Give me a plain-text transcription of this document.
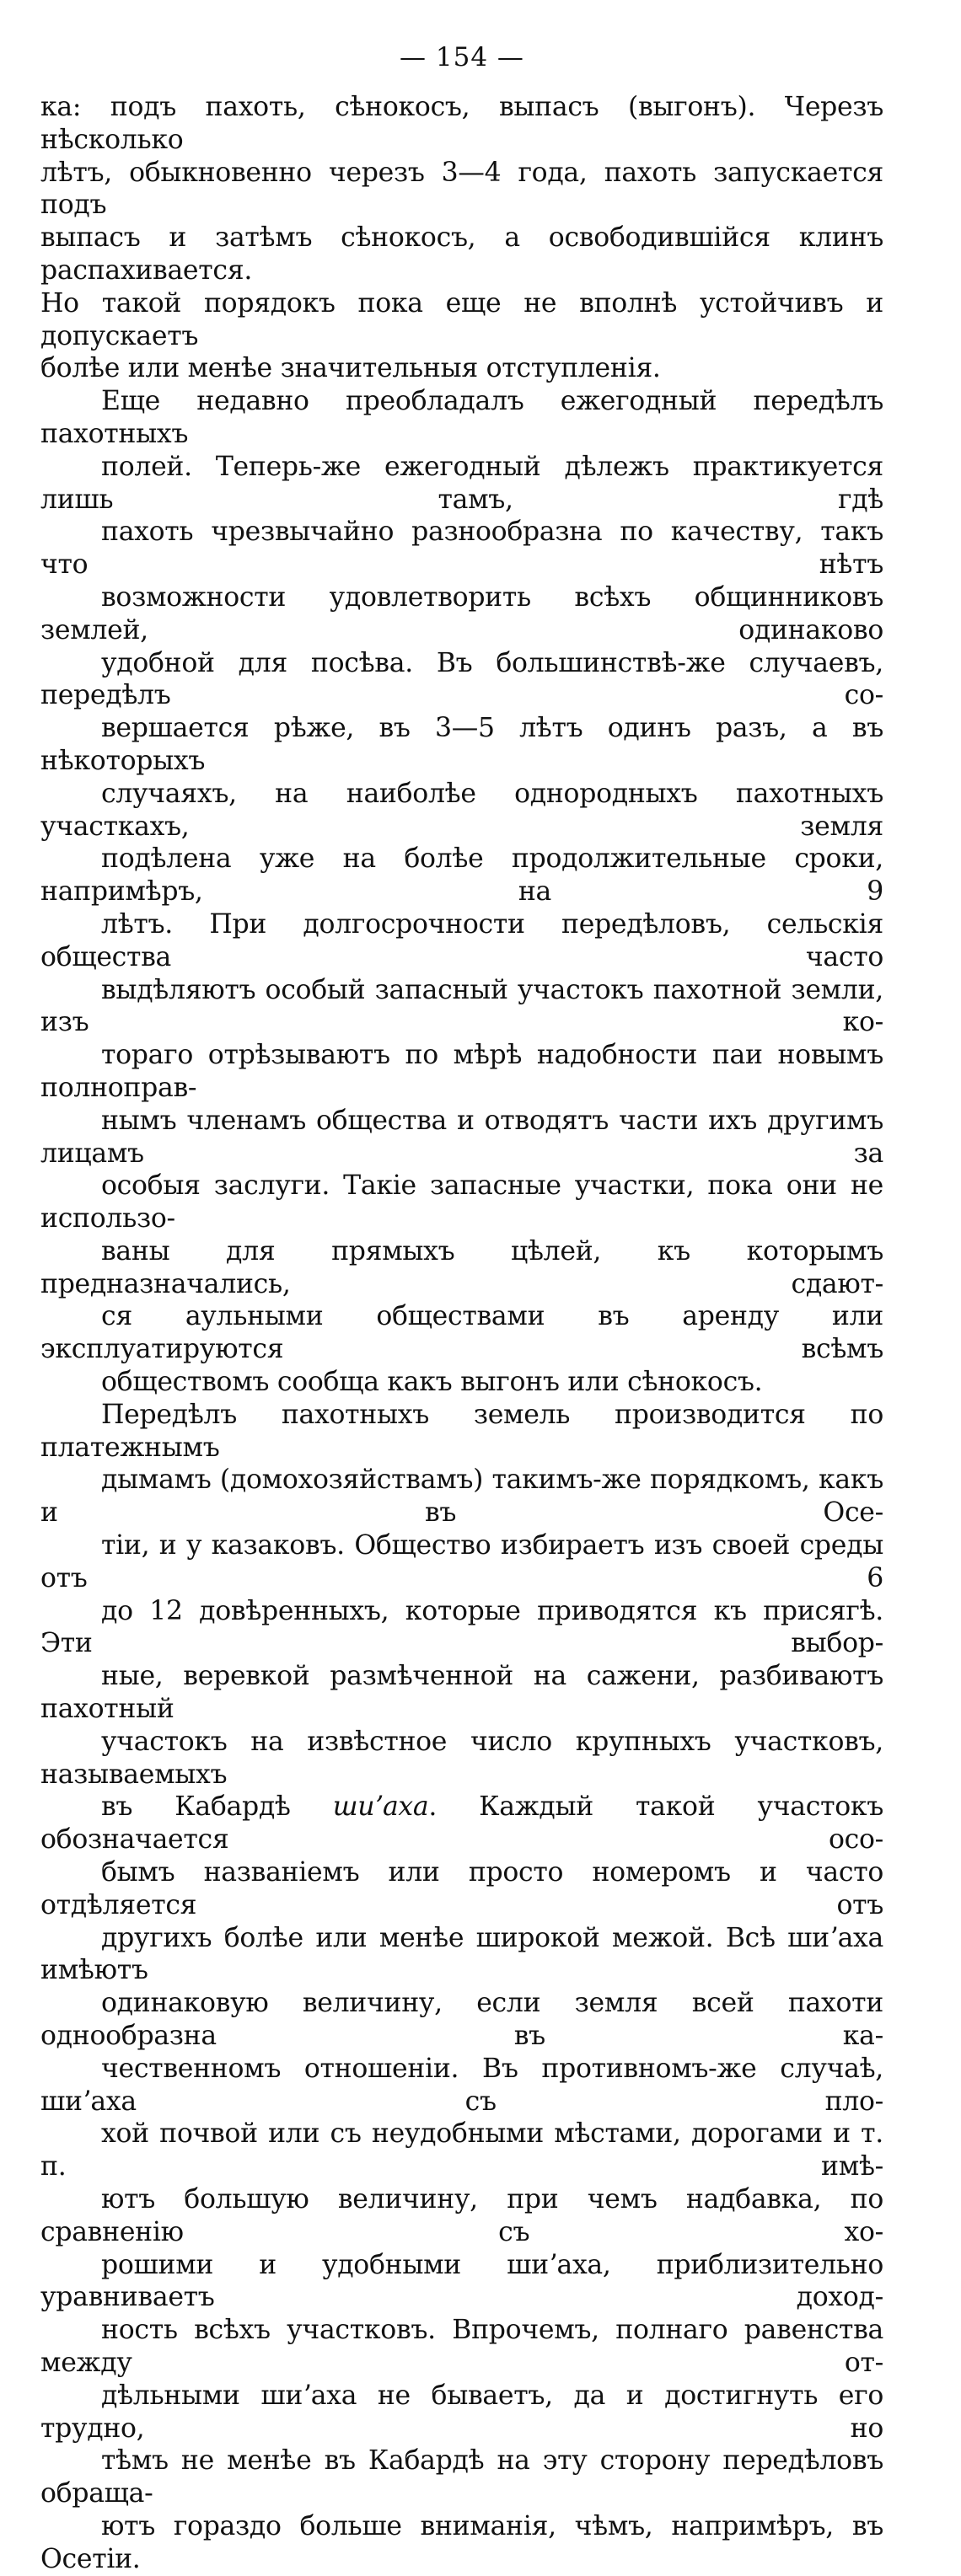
— 154 —

ка: подъ пахоть, сѣнокосъ, выпасъ (выгонъ). Черезъ нѣсколько
лѣтъ, обыкновенно черезъ 3—4 года, пахоть запускается подъ
выпасъ и затѣмъ сѣнокосъ, а освободившійся клинъ распахивается.
Но такой порядокъ пока еще не вполнѣ устойчивъ и допускаетъ
болѣе или менѣе значительныя отступленія.

Еще недавно преобладалъ ежегодный передѣлъ пахотныхъ
полей. Теперь-же ежегодный дѣлежъ практикуется лишь тамъ, гдѣ
пахоть чрезвычайно разнообразна по качеству, такъ что нѣтъ
возможности удовлетворить всѣхъ общинниковъ землей, одинаково
удобной для посѣва. Въ большинствѣ-же случаевъ, передѣлъ со-
вершается рѣже, въ 3—5 лѣтъ одинъ разъ, а въ нѣкоторыхъ
случаяхъ, на наиболѣе однородныхъ пахотныхъ участкахъ, земля
подѣлена уже на болѣе продолжительные сроки, напримѣръ, на 9
лѣтъ. При долгосрочности передѣловъ, сельскія общества часто
выдѣляютъ особый запасный участокъ пахотной земли, изъ ко-
тораго отрѣзываютъ по мѣрѣ надобности паи новымъ полноправ-
нымъ членамъ общества и отводятъ части ихъ другимъ лицамъ за
особыя заслуги. Такіе запасные участки, пока они не использо-
ваны для прямыхъ цѣлей, къ которымъ предназначались, сдают-
ся аульными обществами въ аренду или эксплуатируются всѣмъ
обществомъ сообща какъ выгонъ или сѣнокосъ.

Передѣлъ пахотныхъ земель производится по платежнымъ
дымамъ (домохозяйствамъ) такимъ-же порядкомъ, какъ и въ Осе-
тіи, и у казаковъ. Общество избираетъ изъ своей среды отъ 6
до 12 довѣренныхъ, которые приводятся къ присягѣ. Эти выбор-
ные, веревкой размѣченной на сажени, разбиваютъ пахотный
участокъ на извѣстное число крупныхъ участковъ, называемыхъ
въ Кабардѣ шиʼаха. Каждый такой участокъ обозначается осо-
бымъ названіемъ или просто номеромъ и часто отдѣляется отъ
другихъ болѣе или менѣе широкой межой. Всѣ шиʼаха имѣютъ
одинаковую величину, если земля всей пахоти однообразна въ ка-
чественномъ отношеніи. Въ противномъ-же случаѣ, шиʼаха съ пло-
хой почвой или съ неудобными мѣстами, дорогами и т. п. имѣ-
ютъ большую величину, при чемъ надбавка, по сравненію съ хо-
рошими и удобными шиʼаха, приблизительно уравниваетъ доход-
ность всѣхъ участковъ. Впрочемъ, полнаго равенства между от-
дѣльными шиʼаха не бываетъ, да и достигнуть его трудно, но
тѣмъ не менѣе въ Кабардѣ на эту сторону передѣловъ обраща-
ютъ гораздо больше вниманія, чѣмъ, напримѣръ, въ Осетіи.
